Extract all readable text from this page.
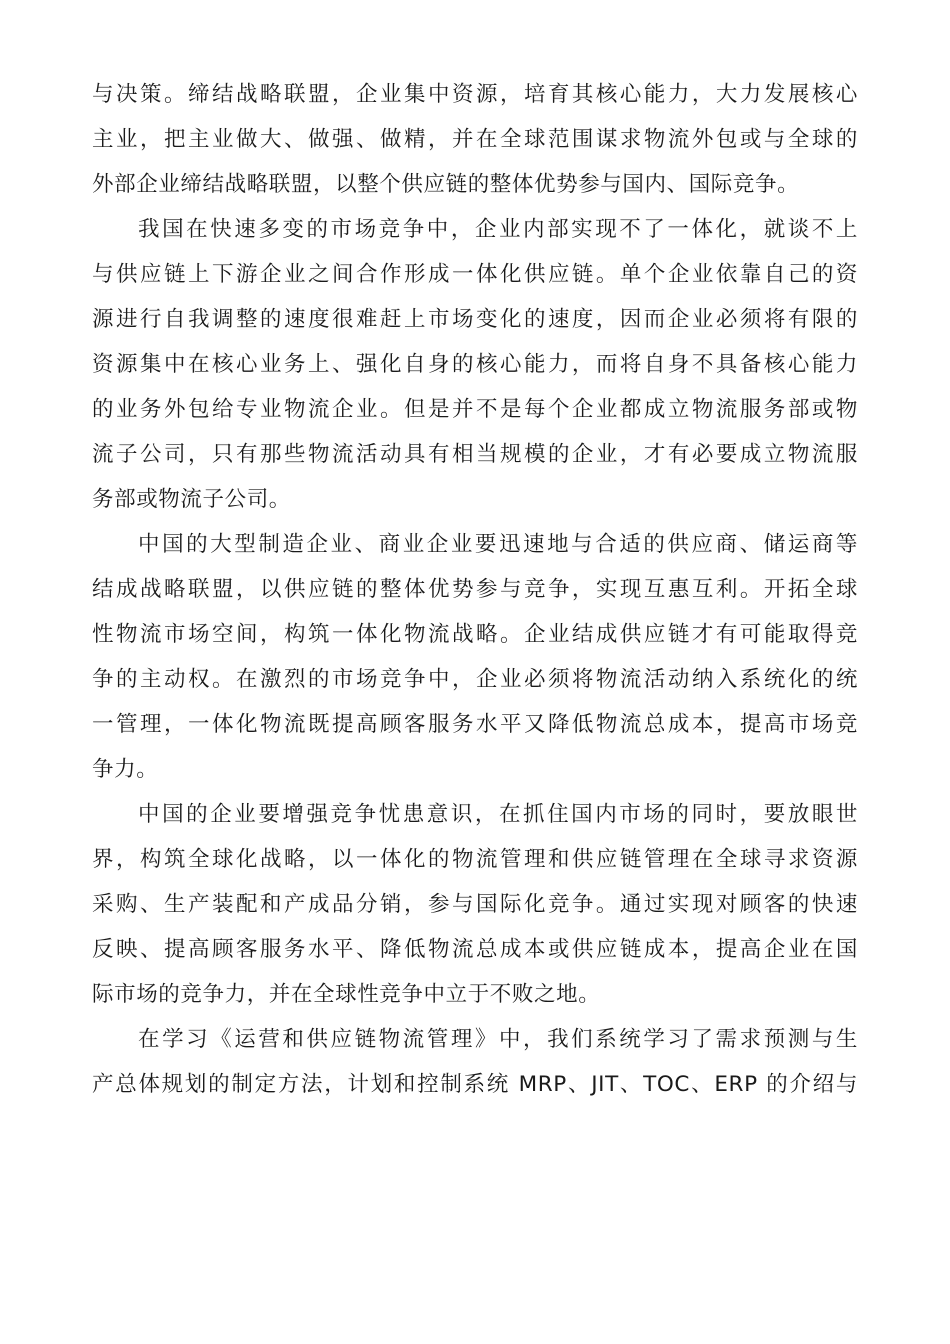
与决策。缔结战略联盟，企业集中资源，培育其核心能力，大力发展核心
主业，把主业做大、做强、做精，并在全球范围谋求物流外包或与全球的
外部企业缔结战略联盟，以整个供应链的整体优势参与国内、国际竞争。
我国在快速多变的市场竞争中，企业内部实现不了一体化，就谈不上
与供应链上下游企业之间合作形成一体化供应链。单个企业依靠自己的资
源进行自我调整的速度很难赶上市场变化的速度，因而企业必须将有限的
资源集中在核心业务上、强化自身的核心能力，而将自身不具备核心能力
的业务外包给专业物流企业。但是并不是每个企业都成立物流服务部或物
流子公司，只有那些物流活动具有相当规模的企业，才有必要成立物流服
务部或物流子公司。
中国的大型制造企业、商业企业要迅速地与合适的供应商、储运商等
结成战略联盟，以供应链的整体优势参与竞争，实现互惠互利。开拓全球
性物流市场空间，构筑一体化物流战略。企业结成供应链才有可能取得竞
争的主动权。在激烈的市场竞争中，企业必须将物流活动纳入系统化的统
一管理，一体化物流既提高顾客服务水平又降低物流总成本，提高市场竞
争力。
中国的企业要增强竞争忧患意识，在抓住国内市场的同时，要放眼世
界，构筑全球化战略，以一体化的物流管理和供应链管理在全球寻求资源
采购、生产装配和产成品分销，参与国际化竞争。通过实现对顾客的快速
反映、提高顾客服务水平、降低物流总成本或供应链成本，提高企业在国
际市场的竞争力，并在全球性竞争中立于不败之地。
在学习《运营和供应链物流管理》中，我们系统学习了需求预测与生
产总体规划的制定方法，计划和控制系统 MRP、JIT、TOC、ERP 的介绍与
